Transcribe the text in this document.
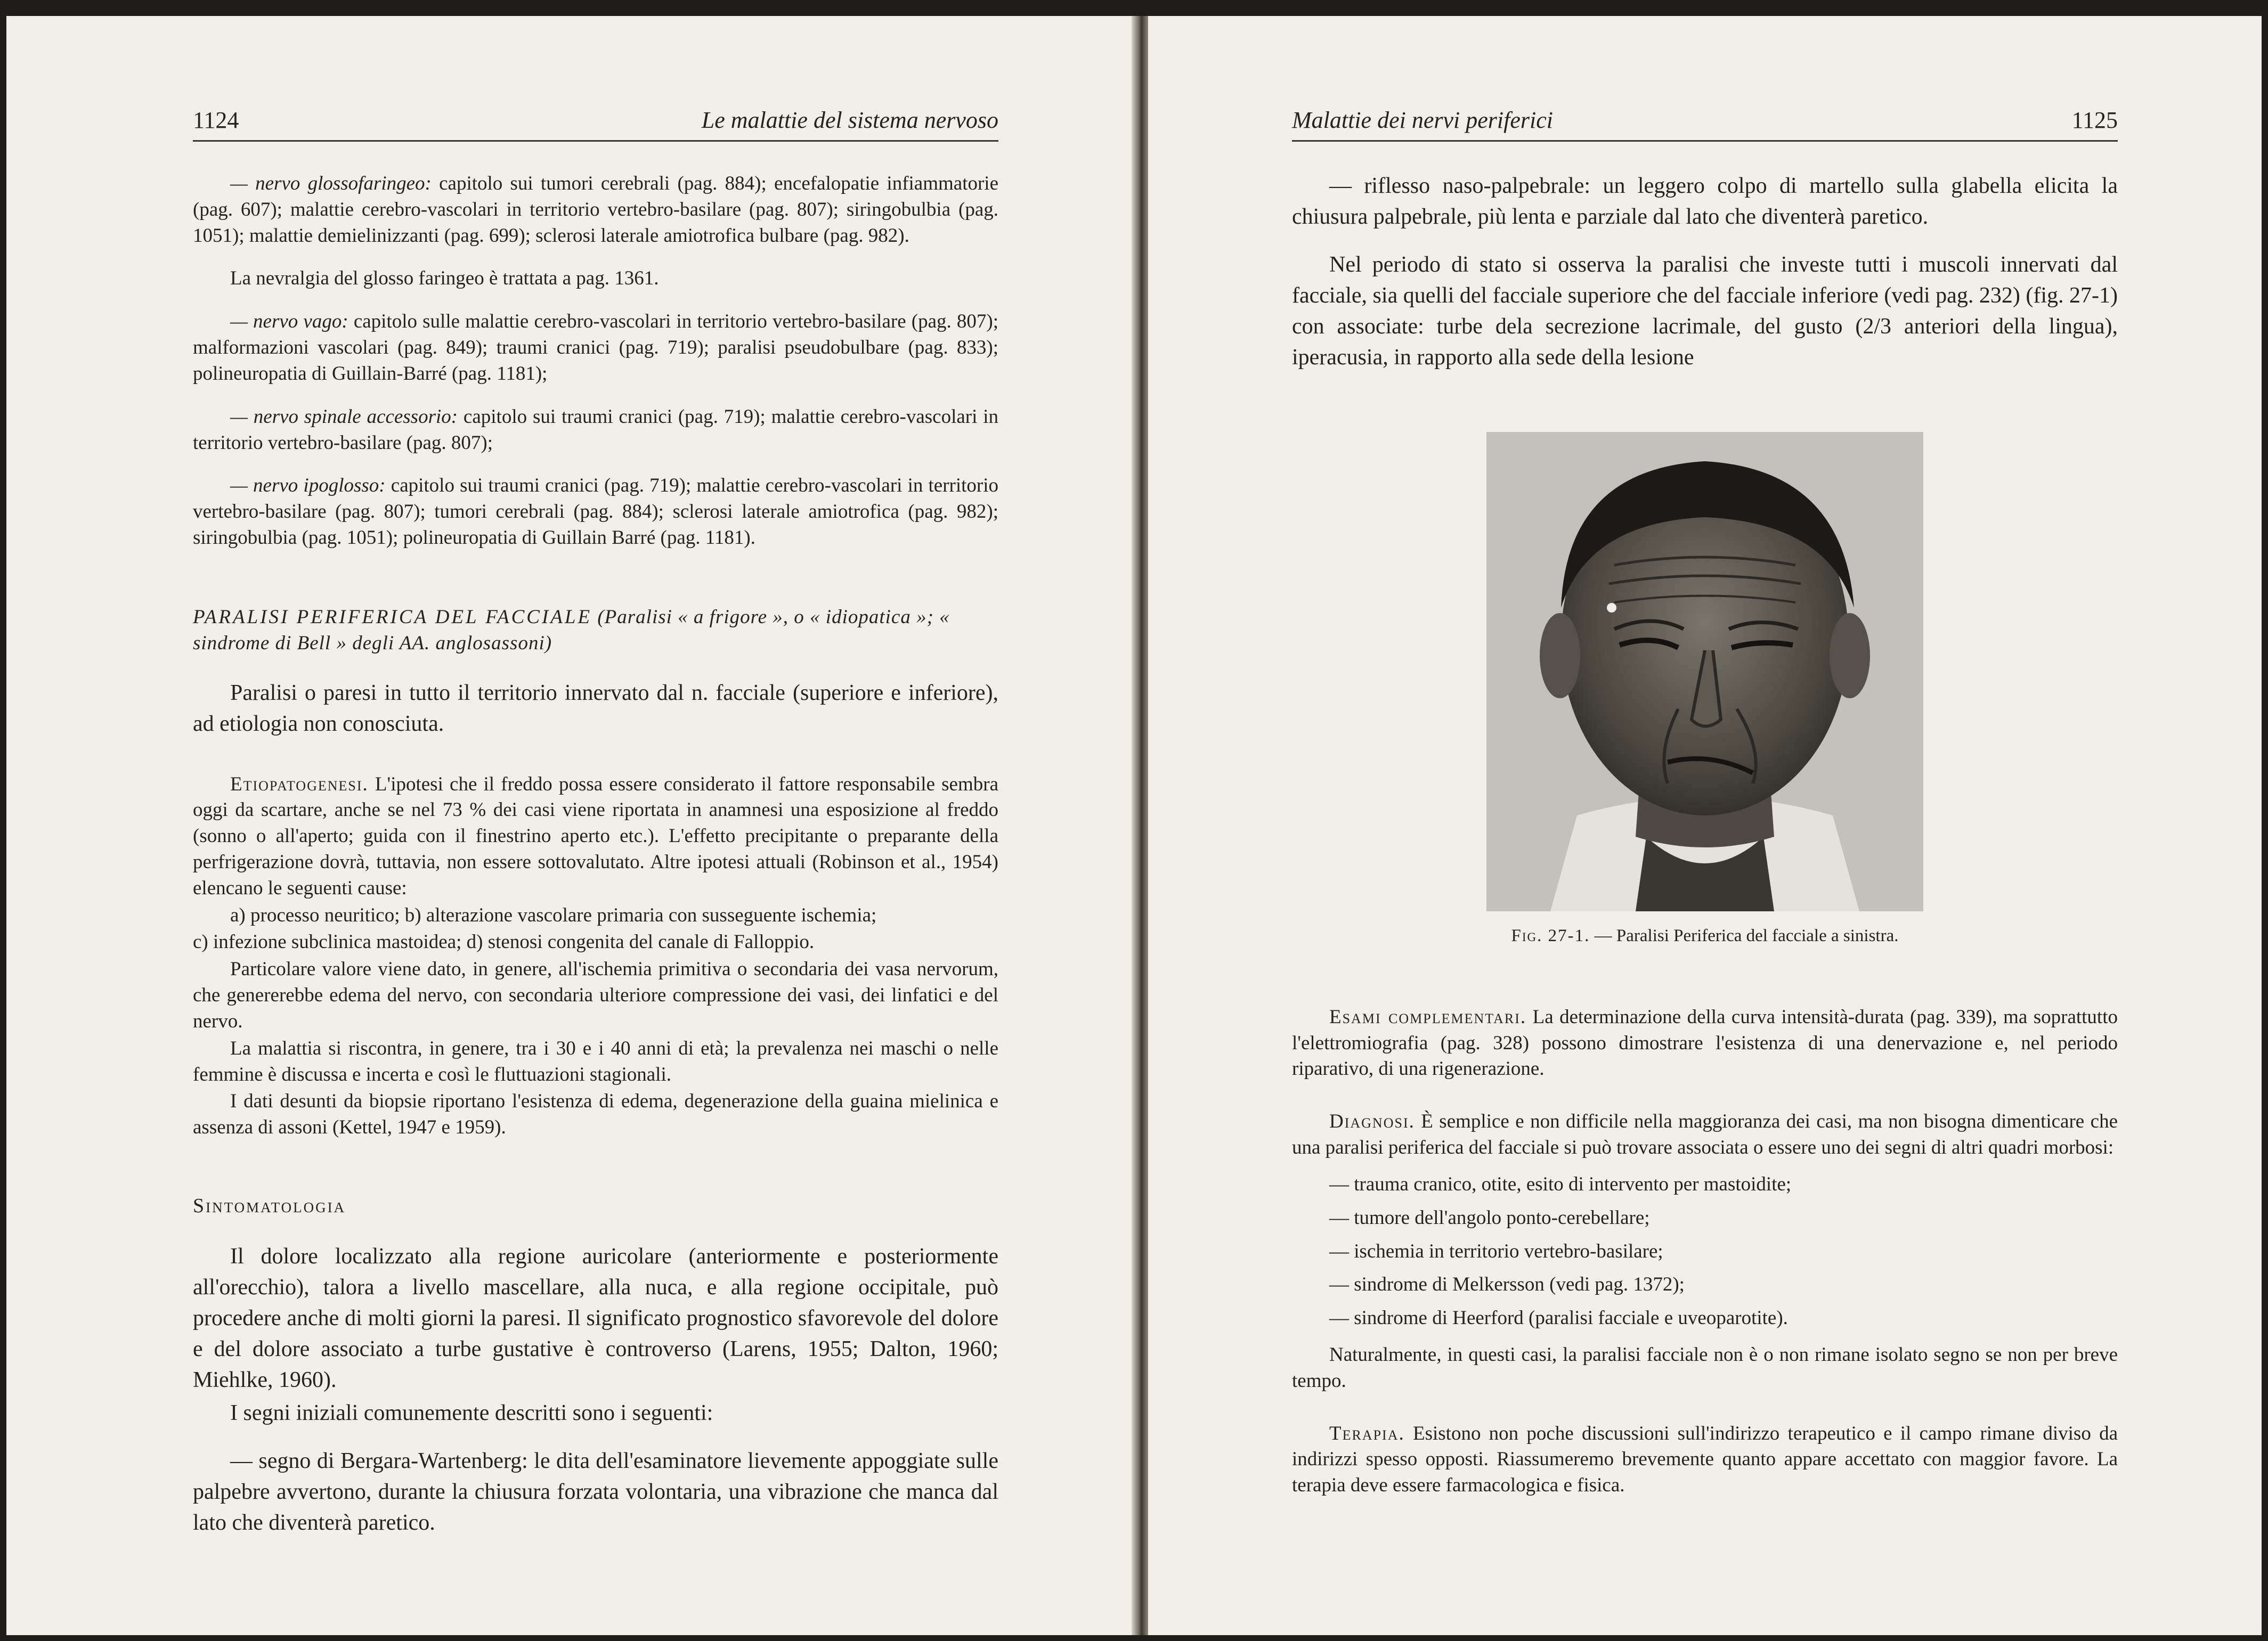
1124	Le malattie del sistema nervoso

— nervo glossofaringeo: capitolo sui tumori cerebrali (pag. 884); encefalopatie infiammatorie (pag. 607); malattie cerebro-vascolari in territorio vertebro-basilare (pag. 807); siringobulbia (pag. 1051); malattie demielinizzanti (pag. 699); sclerosi laterale amiotrofica bulbare (pag. 982).

La nevralgia del glosso faringeo è trattata a pag. 1361.

— nervo vago: capitolo sulle malattie cerebro-vascolari in territorio vertebro-basilare (pag. 807); malformazioni vascolari (pag. 849); traumi cranici (pag. 719); paralisi pseudobulbare (pag. 833); polineuropatia di Guillain-Barré (pag. 1181);

— nervo spinale accessorio: capitolo sui traumi cranici (pag. 719); malattie cerebro-vascolari in territorio vertebro-basilare (pag. 807);

— nervo ipoglosso: capitolo sui traumi cranici (pag. 719); malattie cerebro-vascolari in territorio vertebro-basilare (pag. 807); tumori cerebrali (pag. 884); sclerosi laterale amiotrofica (pag. 982); siringobulbia (pag. 1051); polineuropatia di Guillain Barré (pag. 1181).

PARALISI PERIFERICA DEL FACCIALE (Paralisi « a frigore », o « idiopatica »; « sindrome di Bell » degli AA. anglosassoni)

Paralisi o paresi in tutto il territorio innervato dal n. facciale (superiore e inferiore), ad etiologia non conosciuta.

Etiopatogenesi. L'ipotesi che il freddo possa essere considerato il fattore responsabile sembra oggi da scartare, anche se nel 73 % dei casi viene riportata in anamnesi una esposizione al freddo (sonno o all'aperto; guida con il finestrino aperto etc.). L'effetto precipitante o preparante della perfrigerazione dovrà, tuttavia, non essere sottovalutato. Altre ipotesi attuali (Robinson et al., 1954) elencano le seguenti cause:

a) processo neuritico; b) alterazione vascolare primaria con susseguente ischemia;

c) infezione subclinica mastoidea; d) stenosi congenita del canale di Falloppio.

Particolare valore viene dato, in genere, all'ischemia primitiva o secondaria dei vasa nervorum, che genererebbe edema del nervo, con secondaria ulteriore compressione dei vasi, dei linfatici e del nervo.

La malattia si riscontra, in genere, tra i 30 e i 40 anni di età; la prevalenza nei maschi o nelle femmine è discussa e incerta e così le fluttuazioni stagionali.

I dati desunti da biopsie riportano l'esistenza di edema, degenerazione della guaina mielinica e assenza di assoni (Kettel, 1947 e 1959).

Sintomatologia

Il dolore localizzato alla regione auricolare (anteriormente e posteriormente all'orecchio), talora a livello mascellare, alla nuca, e alla regione occipitale, può procedere anche di molti giorni la paresi. Il significato prognostico sfavorevole del dolore e del dolore associato a turbe gustative è controverso (Larens, 1955; Dalton, 1960; Miehlke, 1960).

I segni iniziali comunemente descritti sono i seguenti:

— segno di Bergara-Wartenberg: le dita dell'esaminatore lievemente appoggiate sulle palpebre avvertono, durante la chiusura forzata volontaria, una vibrazione che manca dal lato che diventerà paretico.

Malattie dei nervi periferici	1125

— riflesso naso-palpebrale: un leggero colpo di martello sulla glabella elicita la chiusura palpebrale, più lenta e parziale dal lato che diventerà paretico.

Nel periodo di stato si osserva la paralisi che investe tutti i muscoli innervati dal facciale, sia quelli del facciale superiore che del facciale inferiore (vedi pag. 232) (fig. 27-1) con associate: turbe dela secrezione lacrimale, del gusto (2/3 anteriori della lingua), iperacusia, in rapporto alla sede della lesione

Fig. 27-1. — Paralisi Periferica del facciale a sinistra.

Esami complementari. La determinazione della curva intensità-durata (pag. 339), ma soprattutto l'elettromiografia (pag. 328) possono dimostrare l'esistenza di una denervazione e, nel periodo riparativo, di una rigenerazione.

Diagnosi. È semplice e non difficile nella maggioranza dei casi, ma non bisogna dimenticare che una paralisi periferica del facciale si può trovare associata o essere uno dei segni di altri quadri morbosi:

— trauma cranico, otite, esito di intervento per mastoidite;
— tumore dell'angolo ponto-cerebellare;
— ischemia in territorio vertebro-basilare;
— sindrome di Melkersson (vedi pag. 1372);
— sindrome di Heerford (paralisi facciale e uveoparotite).

Naturalmente, in questi casi, la paralisi facciale non è o non rimane isolato segno se non per breve tempo.

Terapia. Esistono non poche discussioni sull'indirizzo terapeutico e il campo rimane diviso da indirizzi spesso opposti. Riassumeremo brevemente quanto appare accettato con maggior favore. La terapia deve essere farmacologica e fisica.
